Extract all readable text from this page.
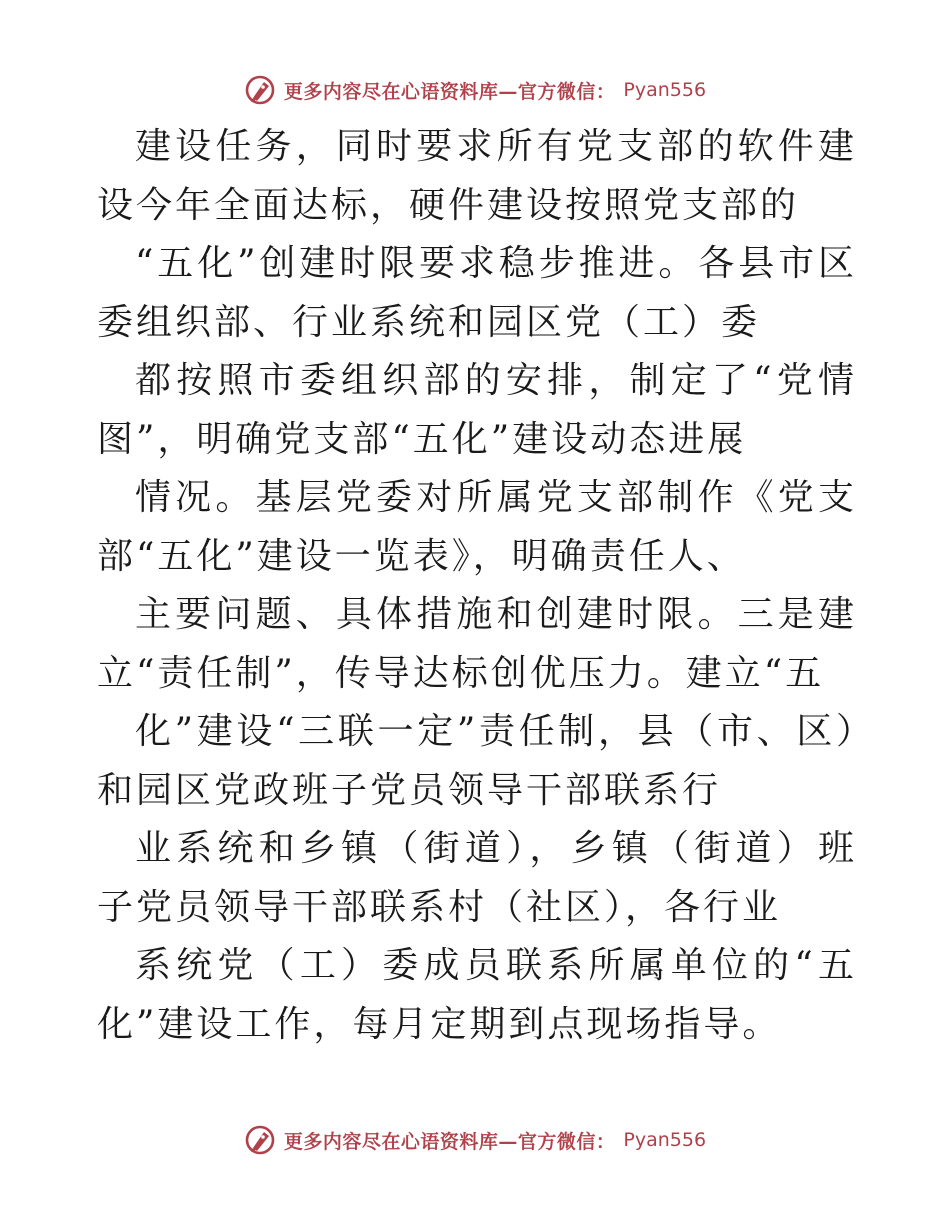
更多内容尽在心语资料库—官方微信： Pyan556

建设任务，同时要求所有党支部的软件建设今年全面达标，硬件建设按照党支部的

“五化”创建时限要求稳步推进。各县市区委组织部、行业系统和园区党（工）委

都按照市委组织部的安排，制定了“党情图”，明确党支部“五化”建设动态进展

情况。基层党委对所属党支部制作《党支部“五化”建设一览表》，明确责任人、

主要问题、具体措施和创建时限。三是建立“责任制”，传导达标创优压力。建立“五

化”建设“三联一定”责任制，县（市、区）和园区党政班子党员领导干部联系行

业系统和乡镇（街道），乡镇（街道）班子党员领导干部联系村（社区），各行业

系统党（工）委成员联系所属单位的“五化”建设工作，每月定期到点现场指导。

更多内容尽在心语资料库—官方微信： Pyan556
